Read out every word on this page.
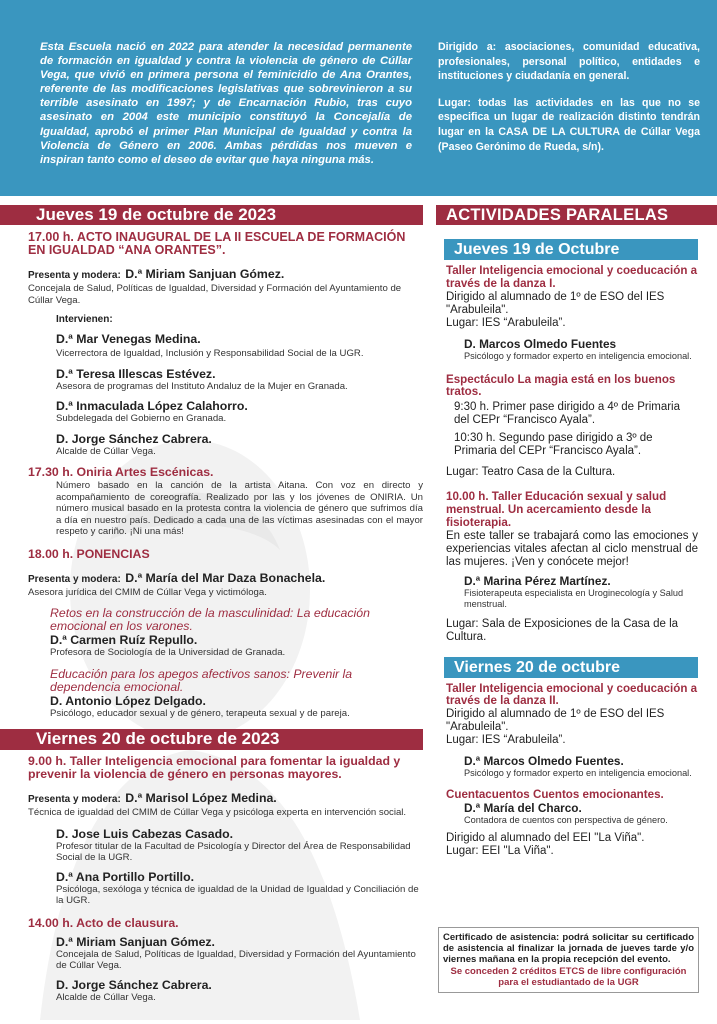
Esta Escuela nació en 2022 para atender la necesidad permanente de formación en igualdad y contra la violencia de género de Cúllar Vega, que vivió en primera persona el feminicidio de Ana Orantes, referente de las modificaciones legislativas que sobrevinieron a su terrible asesinato en 1997; y de Encarnación Rubio, tras cuyo asesinato en 2004 este municipio constituyó la Concejalía de Igualdad, aprobó el primer Plan Municipal de Igualdad y contra la Violencia de Género en 2006. Ambas pérdidas nos mueven e inspiran tanto como el deseo de evitar que haya ninguna más.

Dirigido a: asociaciones, comunidad educativa, profesionales, personal político, entidades e instituciones y ciudadanía en general.

Lugar: todas las actividades en las que no se especifica un lugar de realización distinto tendrán lugar en la CASA DE LA CULTURA de Cúllar Vega (Paseo Gerónimo de Rueda, s/n).

Jueves 19 de octubre de 2023
17.00 h. ACTO INAUGURAL DE LA II ESCUELA DE FORMACIÓN EN IGUALDAD “ANA ORANTES”.
Presenta y modera: D.ª Miriam Sanjuan Gómez.
Concejala de Salud, Políticas de Igualdad, Diversidad y Formación del Ayuntamiento de Cúllar Vega.
Intervienen:
D.ª Mar Venegas Medina.
Vicerrectora de Igualdad, Inclusión y Responsabilidad Social de la UGR.
D.ª Teresa Illescas Estévez.
Asesora de programas del Instituto Andaluz de la Mujer en Granada.
D.ª Inmaculada López Calahorro.
Subdelegada del Gobierno en Granada.
D. Jorge Sánchez Cabrera.
Alcalde de Cúllar Vega.
17.30 h. Oniria Artes Escénicas.

Número basado en la canción de la artista Aitana. Con voz en directo y acompañamiento de coreografía. Realizado por las y los jóvenes de ONIRIA. Un número musical basado en la protesta contra la violencia de género que sufrimos día a día en nuestro país. Dedicado a cada una de las víctimas asesinadas con el mayor respeto y cariño. ¡Ni una más!

18.00 h. PONENCIAS
Presenta y modera: D.ª María del Mar Daza Bonachela.
Asesora jurídica del CMIM de Cúllar Vega y victimóloga.
Retos en la construcción de la masculinidad: La educación emocional en los varones.
D.ª Carmen Ruíz Repullo.
Profesora de Sociología de la Universidad de Granada.
Educación para los apegos afectivos sanos: Prevenir la dependencia emocional.
D. Antonio López Delgado.
Psicólogo, educador sexual y de género, terapeuta sexual y de pareja.
Viernes 20 de octubre de 2023
9.00 h. Taller Inteligencia emocional para fomentar la igualdad y prevenir la violencia de género en personas mayores.
Presenta y modera: D.ª Marisol López Medina.
Técnica de igualdad del CMIM de Cúllar Vega y psicóloga experta en intervención social.
D. Jose Luis Cabezas Casado.
Profesor titular de la Facultad de Psicología y Director del Área de Responsabilidad Social de la UGR.
D.ª Ana Portillo Portillo.
Psicóloga, sexóloga y técnica de igualdad de la Unidad de Igualdad y Conciliación de la UGR.
14.00 h. Acto de clausura.
D.ª Miriam Sanjuan Gómez.
Concejala de Salud, Políticas de Igualdad, Diversidad y Formación del Ayuntamiento de Cúllar Vega.
D. Jorge Sánchez Cabrera.
Alcalde de Cúllar Vega.
ACTIVIDADES PARALELAS
Jueves 19 de Octubre
Taller Inteligencia emocional y coeducación a través de la danza I.
Dirigido al alumnado de 1º de ESO del IES "Arabuleila".
Lugar: IES “Arabuleila”.
D. Marcos Olmedo Fuentes
Psicólogo y formador experto en inteligencia emocional.
Espectáculo La magia está en los buenos tratos.
9:30 h. Primer pase dirigido a 4º de Primaria del CEPr “Francisco Ayala”.
10:30 h. Segundo pase dirigido a 3º de Primaria del CEPr “Francisco Ayala”.
Lugar: Teatro Casa de la Cultura.
10.00 h. Taller Educación sexual y salud menstrual. Un acercamiento desde la fisioterapia.
En este taller se trabajará como las emociones y experiencias vitales afectan al ciclo menstrual de las mujeres. ¡Ven y conócete mejor!
D.ª Marina Pérez Martínez.
Fisioterapeuta especialista en Uroginecología y Salud menstrual.
Lugar: Sala de Exposiciones de la Casa de la Cultura.
Viernes 20 de octubre
Taller Inteligencia emocional y coeducación a través de la danza II.
Dirigido al alumnado de 1º de ESO del IES "Arabuleila".
Lugar: IES “Arabuleila”.
D.ª Marcos Olmedo Fuentes.
Psicólogo y formador experto en inteligencia emocional.
Cuentacuentos Cuentos emocionantes.
D.ª María del Charco.
Contadora de cuentos con perspectiva de género.
Dirigido al alumnado del EEI "La Viña".
Lugar: EEI "La Viña".
Certificado de asistencia: podrá solicitar su certificado de asistencia al finalizar la jornada de jueves tarde y/o viernes mañana en la propia recepción del evento.
Se conceden 2 créditos ETCS de libre configuración para el estudiantado de la UGR
